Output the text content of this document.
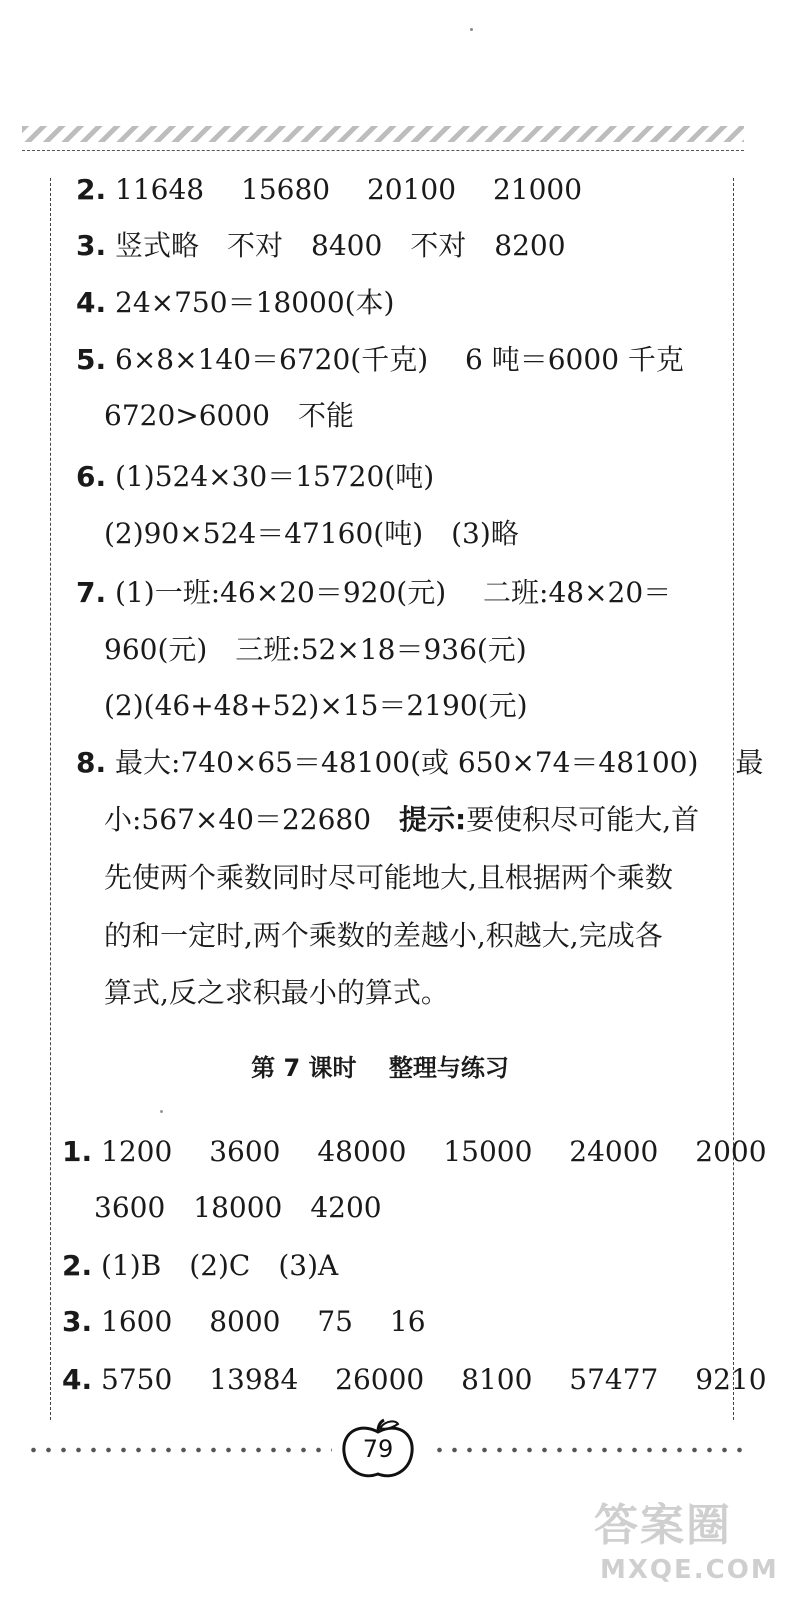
2. 11648　 15680　 20100　 21000
3. 竖式略　不对　8400　不对　8200
4. 24×750＝18000(本)
5. 6×8×140＝6720(千克)　 6 吨＝6000 千克
6720>6000　不能
6. (1)524×30＝15720(吨)
(2)90×524＝47160(吨)　(3)略
7. (1)一班:46×20＝920(元)　 二班:48×20＝
960(元)　三班:52×18＝936(元)
(2)(46+48+52)×15＝2190(元)
8. 最大:740×65＝48100(或 650×74＝48100)　 最
小:567×40＝22680　提示:要使积尽可能大,首
先使两个乘数同时尽可能地大,且根据两个乘数
的和一定时,两个乘数的差越小,积越大,完成各
算式,反之求积最小的算式。
第 7 课时　 整理与练习
1. 1200　 3600　 48000　 15000　 24000　 2000
3600　18000　4200
2. (1)B　(2)C　(3)A
3. 1600　 8000　 75　 16
4. 5750　 13984　 26000　 8100　 57477　 9210
79
答案圈
MXQE.COM
